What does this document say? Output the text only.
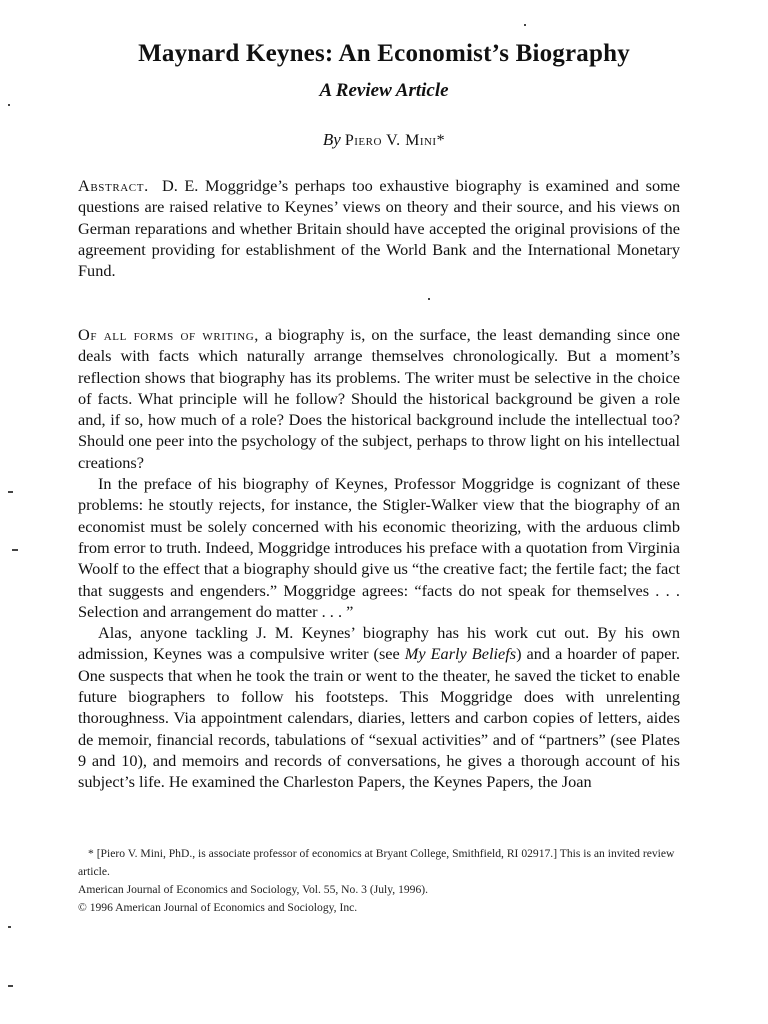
Maynard Keynes: An Economist’s Biography
A Review Article
By Piero V. Mini*

Abstract. D. E. Moggridge’s perhaps too exhaustive biography is examined and some questions are raised relative to Keynes’ views on theory and their source, and his views on German reparations and whether Britain should have accepted the original provisions of the agreement providing for establishment of the World Bank and the International Monetary Fund.

Of all forms of writing, a biography is, on the surface, the least demanding since one deals with facts which naturally arrange themselves chronologically. But a moment’s reflection shows that biography has its problems. The writer must be selective in the choice of facts. What principle will he follow? Should the historical background be given a role and, if so, how much of a role? Does the historical background include the intellectual too? Should one peer into the psychology of the subject, perhaps to throw light on his intellectual creations?

In the preface of his biography of Keynes, Professor Moggridge is cognizant of these problems: he stoutly rejects, for instance, the Stigler-Walker view that the biography of an economist must be solely concerned with his economic theorizing, with the arduous climb from error to truth. Indeed, Moggridge introduces his preface with a quotation from Virginia Woolf to the effect that a biography should give us “the creative fact; the fertile fact; the fact that suggests and engenders.” Moggridge agrees: “facts do not speak for themselves . . . Selection and arrangement do matter . . . ”

Alas, anyone tackling J. M. Keynes’ biography has his work cut out. By his own admission, Keynes was a compulsive writer (see My Early Beliefs) and a hoarder of paper. One suspects that when he took the train or went to the theater, he saved the ticket to enable future biographers to follow his footsteps. This Moggridge does with unrelenting thoroughness. Via appointment calendars, diaries, letters and carbon copies of letters, aides de memoir, financial records, tabulations of “sexual activities” and of “partners” (see Plates 9 and 10), and memoirs and records of conversations, he gives a thorough account of his subject’s life. He examined the Charleston Papers, the Keynes Papers, the Joan

* [Piero V. Mini, PhD., is associate professor of economics at Bryant College, Smithfield, RI 02917.] This is an invited review article.

American Journal of Economics and Sociology, Vol. 55, No. 3 (July, 1996).

© 1996 American Journal of Economics and Sociology, Inc.
